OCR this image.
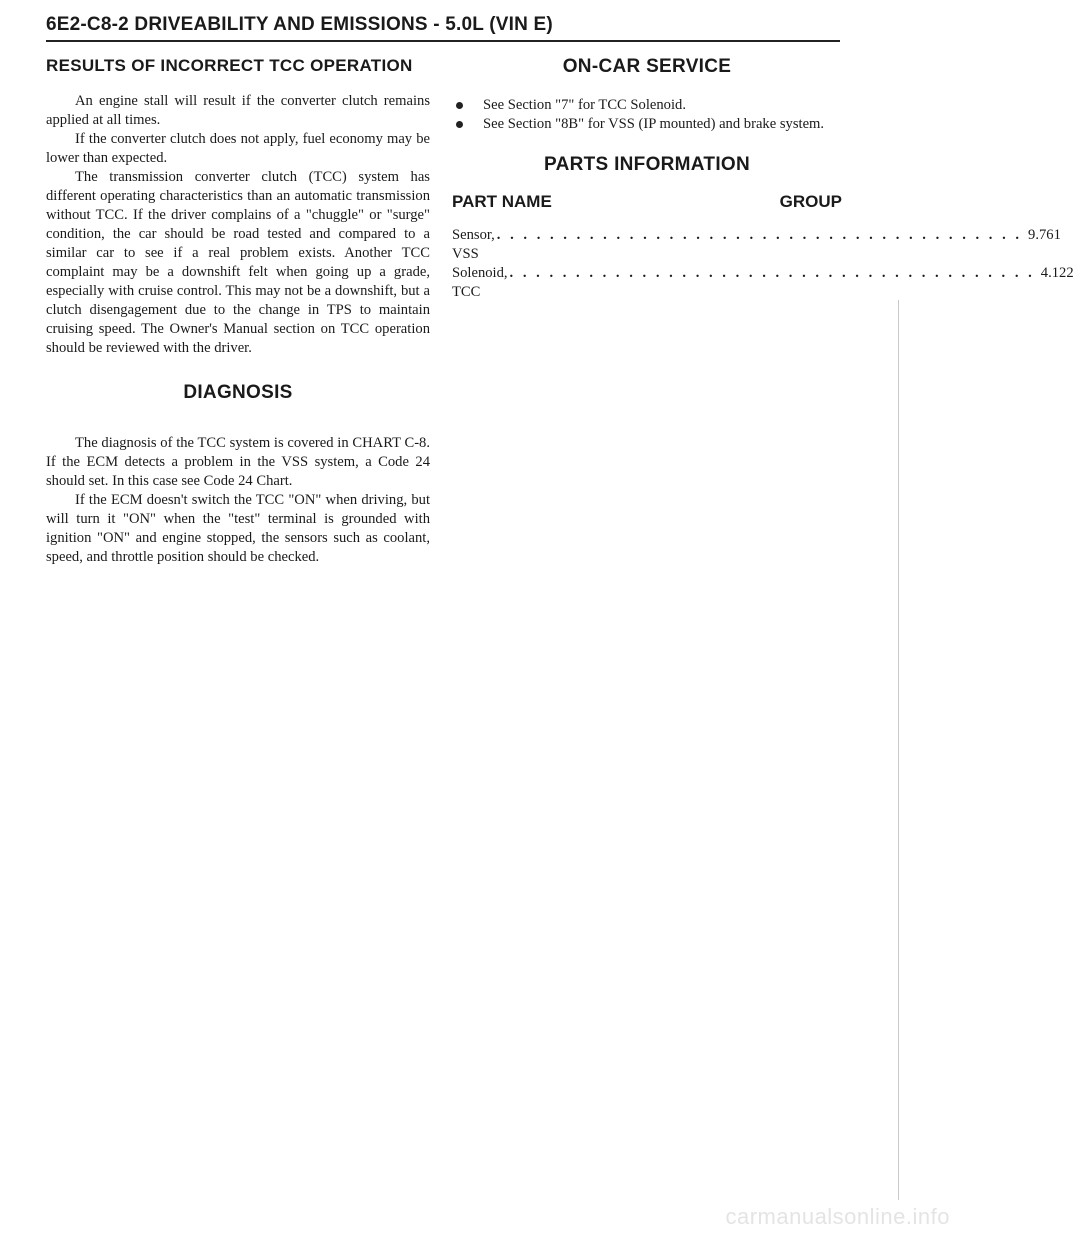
6E2-C8-2 DRIVEABILITY AND EMISSIONS - 5.0L (VIN E)
RESULTS OF INCORRECT TCC OPERATION

An engine stall will result if the converter clutch remains applied at all times.

If the converter clutch does not apply, fuel economy may be lower than expected.

The transmission converter clutch (TCC) system has different operating characteristics than an automatic transmission without TCC. If the driver complains of a "chuggle" or "surge" condition, the car should be road tested and compared to a similar car to see if a real problem exists. Another TCC complaint may be a downshift felt when going up a grade, especially with cruise control. This may not be a downshift, but a clutch disengagement due to the change in TPS to maintain cruising speed. The Owner's Manual section on TCC operation should be reviewed with the driver.

DIAGNOSIS

The diagnosis of the TCC system is covered in CHART C-8. If the ECM detects a problem in the VSS system, a Code 24 should set. In this case see Code 24 Chart.

If the ECM doesn't switch the TCC "ON" when driving, but will turn it "ON" when the "test" terminal is grounded with ignition "ON" and engine stopped, the sensors such as coolant, speed, and throttle position should be checked.

ON-CAR SERVICE
See Section "7" for TCC Solenoid.
See Section "8B" for VSS (IP mounted) and brake system.
PARTS INFORMATION
PART NAME	GROUP
Sensor, VSS
. . . . . . . . . . . . . . . . . . . . . . . . . . . . . . . . . . . . . . . . 9.761
Solenoid, TCC
. . . . . . . . . . . . . . . . . . . . . . . . . . . . . . . . . . . . . . . . 4.122
carmanualsonline.info
